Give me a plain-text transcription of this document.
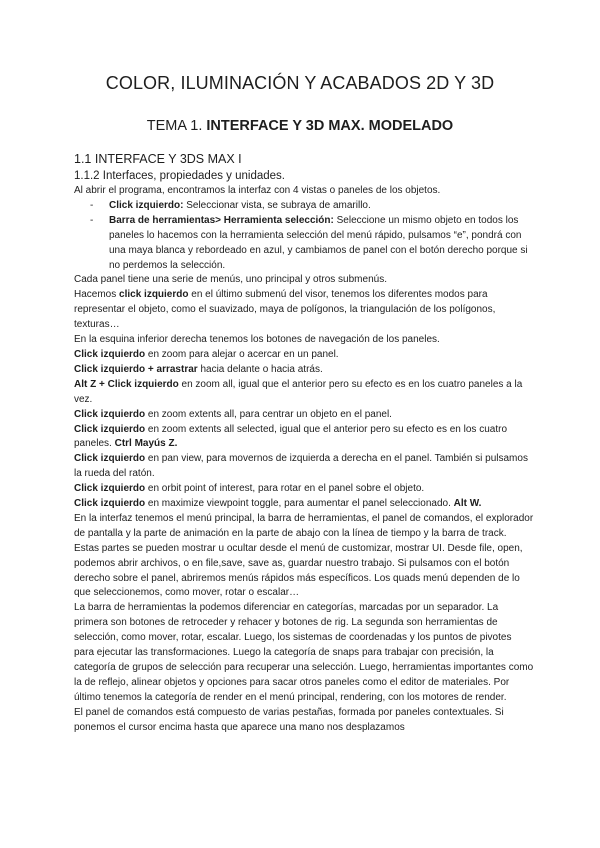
COLOR, ILUMINACIÓN Y ACABADOS 2D Y 3D
TEMA 1. INTERFACE Y 3D MAX. MODELADO
1.1 INTERFACE Y 3DS MAX I
1.1.2 Interfaces, propiedades y unidades.

Al abrir el programa, encontramos la interfaz con 4 vistas o paneles de los objetos.

- Click izquierdo: Seleccionar vista, se subraya de amarillo.
- Barra de herramientas> Herramienta selección: Seleccione un mismo objeto en todos los paneles lo hacemos con la herramienta selección del menú rápido, pulsamos “e”, pondrá con una maya blanca y rebordeado en azul, y cambiamos de panel con el botón derecho porque si no perdemos la selección.

Cada panel tiene una serie de menús, uno principal y otros submenús.

Hacemos click izquierdo en el último submenú del visor, tenemos los diferentes modos para representar el objeto, como el suavizado, maya de polígonos, la triangulación de los polígonos, texturas…

En la esquina inferior derecha tenemos los botones de navegación de los paneles.

Click izquierdo en zoom para alejar o acercar en un panel.

Click izquierdo + arrastrar hacia delante o hacia atrás.

Alt Z + Click izquierdo en zoom all, igual que el anterior pero su efecto es en los cuatro paneles a la vez.

Click izquierdo en zoom extents all, para centrar un objeto en el panel.

Click izquierdo en zoom extents all selected, igual que el anterior pero su efecto es en los cuatro paneles. Ctrl Mayús Z.

Click izquierdo en pan view, para movernos de izquierda a derecha en el panel. También si pulsamos la rueda del ratón.

Click izquierdo en orbit point of interest, para rotar en el panel sobre el objeto.

Click izquierdo en maximize viewpoint toggle, para aumentar el panel seleccionado. Alt W.

En la interfaz tenemos el menú principal, la barra de herramientas, el panel de comandos, el explorador de pantalla y la parte de animación en la parte de abajo con la línea de tiempo y la barra de track. Estas partes se pueden mostrar u ocultar desde el menú de customizar, mostrar UI. Desde file, open, podemos abrir archivos, o en file,save, save as, guardar nuestro trabajo. Si pulsamos con el botón derecho sobre el panel, abriremos menús rápidos más específicos. Los quads menú dependen de lo que seleccionemos, como mover, rotar o escalar…

La barra de herramientas la podemos diferenciar en categorías, marcadas por un separador. La primera son botones de retroceder y rehacer y botones de rig. La segunda son herramientas de selección, como mover, rotar, escalar. Luego, los sistemas de coordenadas y los puntos de pivotes para ejecutar las transformaciones. Luego la categoría de snaps para trabajar con precisión, la categoría de grupos de selección para recuperar una selección. Luego, herramientas importantes como la de reflejo, alinear objetos y opciones para sacar otros paneles como el editor de materiales. Por último tenemos la categoría de render en el menú principal, rendering, con los motores de render.

El panel de comandos está compuesto de varias pestañas, formada por paneles contextuales. Si ponemos el cursor encima hasta que aparece una mano nos desplazamos
